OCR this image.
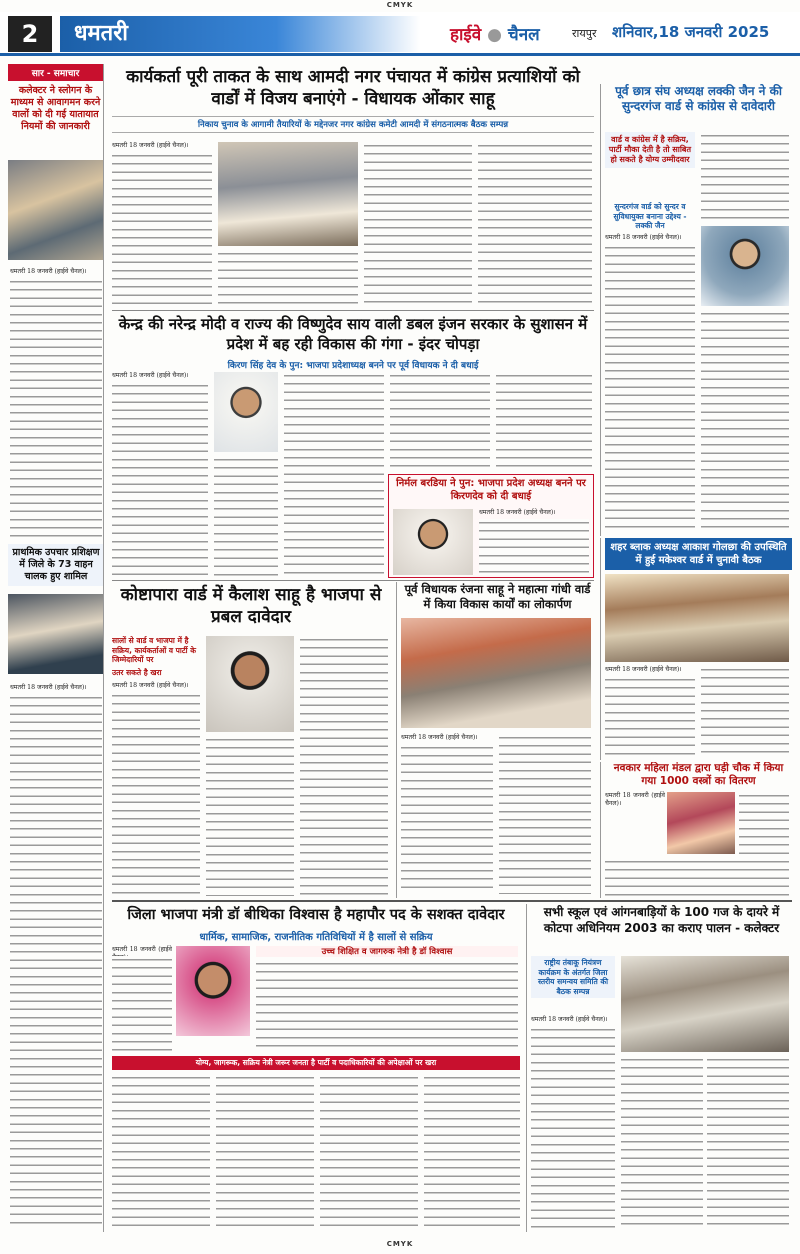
CMYK
2	धमतरी	हाईवे ● चैनल	रायपुर शनिवार,18 जनवरी 2025
सार - समाचार
कलेक्टर ने स्लोगन के माध्यम से आवागमन करने वालों को दी गई यातायात नियमों की जानकारी
धमतरी 18 जनवरी (हाईवे चैनल)।
प्राथमिक उपचार प्रशिक्षण में जिले के 73 वाहन चालक हुए शामिल
धमतरी 18 जनवरी (हाईवे चैनल)।
कार्यकर्ता पूरी ताकत के साथ आमदी नगर पंचायत में कांग्रेस प्रत्याशियों को वार्डों में विजय बनाएंगे - विधायक ओंकार साहू
निकाय चुनाव के आगामी तैयारियों के मद्देनजर नगर कांग्रेस कमेटी आमदी में संगठनात्मक बैठक सम्पन्न
धमतरी 18 जनवरी (हाईवे चैनल)।
पूर्व छात्र संघ अध्यक्ष लक्की जैन ने की सुन्दरगंज वार्ड से कांग्रेस से दावेदारी
वार्ड व कांग्रेस में है सक्रिय, पार्टी मौका देती है तो साबित हो सकते है योग्य उम्मीदवार
सुन्दरगंज वार्ड को सुन्दर व सुविधायुक्त बनाना उद्देश्य - लक्की जैन
धमतरी 18 जनवरी (हाईवे चैनल)।
केन्द्र की नरेन्द्र मोदी व राज्य की विष्णुदेव साय वाली डबल इंजन सरकार के सुशासन में प्रदेश में बह रही विकास की गंगा - इंदर चोपड़ा
किरण सिंह देव के पुन: भाजपा प्रदेशाध्यक्ष बनने पर पूर्व विधायक ने दी बधाई
धमतरी 18 जनवरी (हाईवे चैनल)।
निर्मल बरडिया ने पुन: भाजपा प्रदेश अध्यक्ष बनने पर किरणदेव को दी बधाई
धमतरी 18 जनवरी (हाईवे चैनल)।
शहर ब्लाक अध्यक्ष आकाश गोलछा की उपस्थिति में हुई मकेश्वर वार्ड में चुनावी बैठक
धमतरी 18 जनवरी (हाईवे चैनल)।
कोष्टापारा वार्ड में कैलाश साहू है भाजपा से प्रबल दावेदार
सालों से वार्ड व भाजपा में है सक्रिय, कार्यकर्ताओं व पार्टी के जिम्मेदारियों पर
उतर सकते है खरा
धमतरी 18 जनवरी (हाईवे चैनल)।
पूर्व विधायक रंजना साहू ने महात्मा गांधी वार्ड में किया विकास कार्यों का लोकार्पण
धमतरी 18 जनवरी (हाईवे चैनल)।
नवकार महिला मंडल द्वारा घड़ी चौक में किया गया 1000 वस्त्रों का वितरण
धमतरी 18 जनवरी (हाईवे चैनल)।
जिला भाजपा मंत्री डॉ बीथिका विश्वास है महापौर पद के सशक्त दावेदार
धार्मिक, सामाजिक, राजनीतिक गतिविधियों में है सालों से सक्रिय
धमतरी 18 जनवरी (हाईवे	उच्च शिक्षित व जागरुक नेत्री है डॉ विश्वास
योग्य, जागरूक, सक्रिय नेत्री जरूर जनता है पार्टी व पदाधिकारियों की अपेक्षाओं पर खरा
सभी स्कूल एवं आंगनबाड़ियों के 100 गज के दायरे में कोटपा अधिनियम 2003 का कराए पालन - कलेक्टर
राष्ट्रीय तंबाकू नियंत्रण कार्यक्रम के अंतर्गत जिला स्तरीय समन्वय समिति की बैठक सम्पन्न
धमतरी 18 जनवरी (हाईवे चैनल)।
CMYK
